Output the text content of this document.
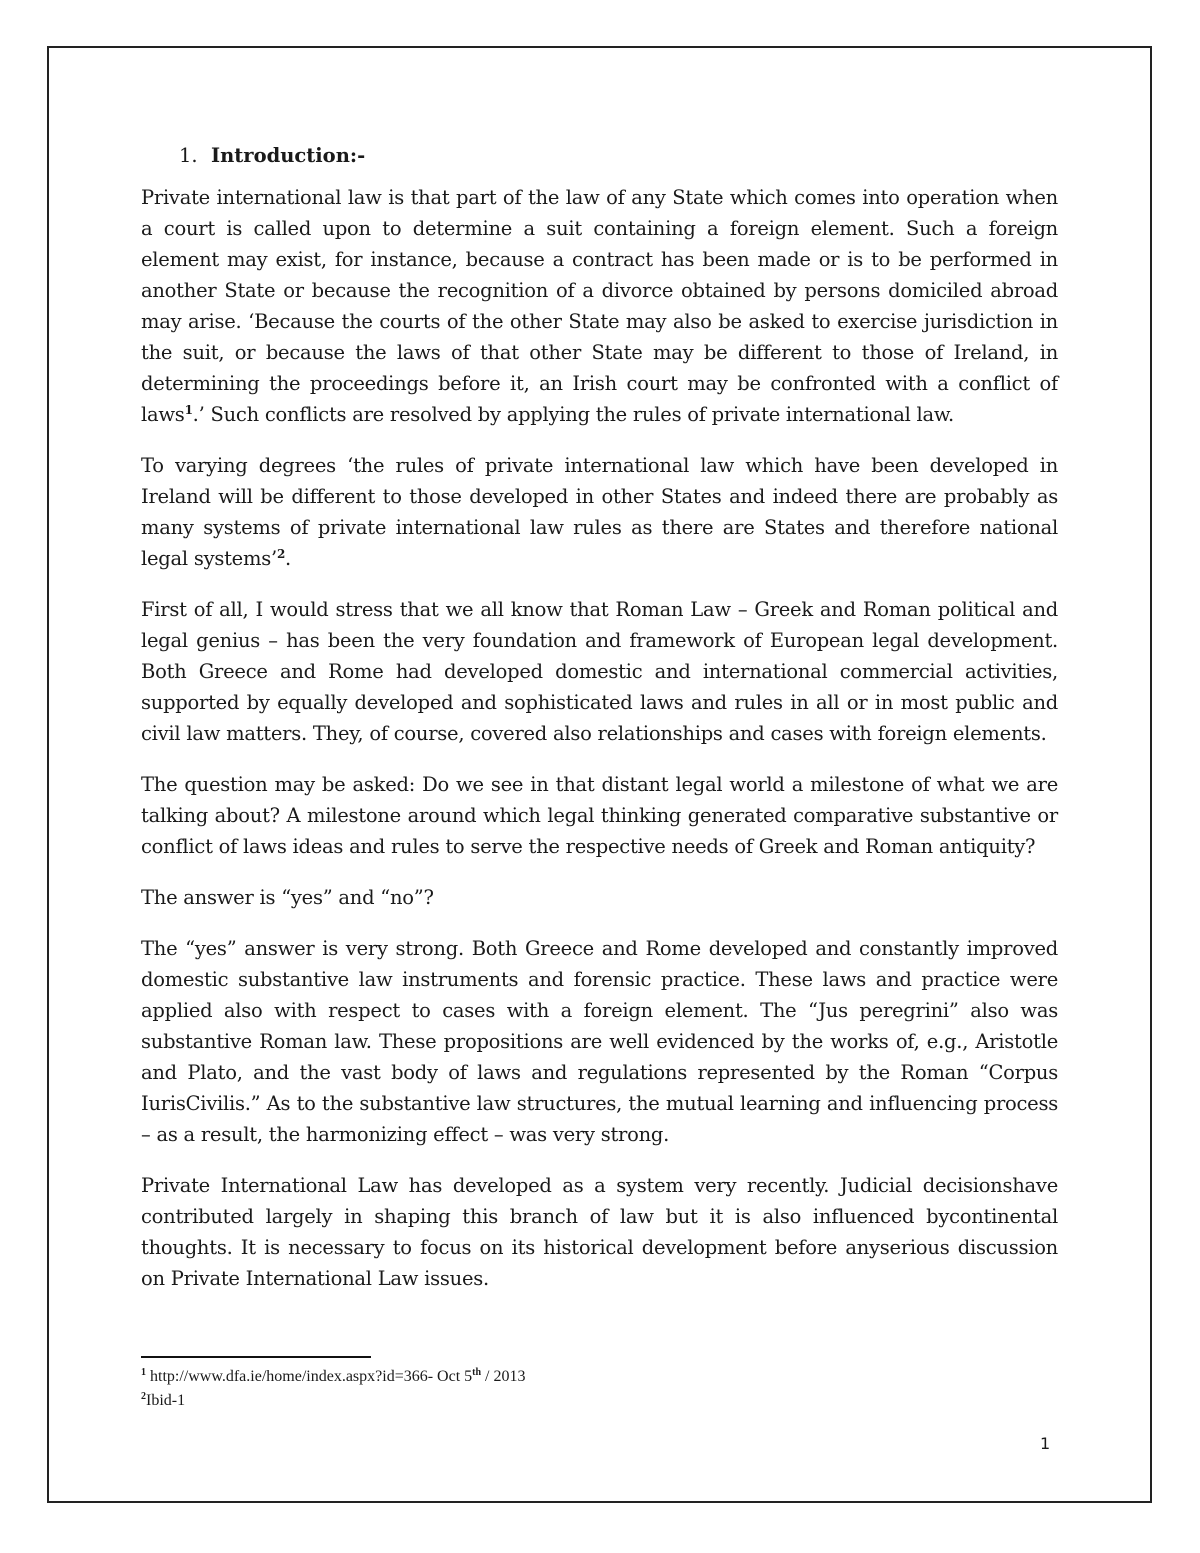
1. Introduction:-

Private international law is that part of the law of any State which comes into operation when a court is called upon to determine a suit containing a foreign element. Such a foreign element may exist, for instance, because a contract has been made or is to be performed in another State or because the recognition of a divorce obtained by persons domiciled abroad may arise. ‘Because the courts of the other State may also be asked to exercise jurisdiction in the suit, or because the laws of that other State may be different to those of Ireland, in determining the proceedings before it, an Irish court may be confronted with a conflict of laws$^1$.’ Such conflicts are resolved by applying the rules of private international law.

To varying degrees ‘the rules of private international law which have been developed in Ireland will be different to those developed in other States and indeed there are probably as many systems of private international law rules as there are States and therefore national legal systems’$^2$.

First of all, I would stress that we all know that Roman Law – Greek and Roman political and legal genius – has been the very foundation and framework of European legal development. Both Greece and Rome had developed domestic and international commercial activities, supported by equally developed and sophisticated laws and rules in all or in most public and civil law matters. They, of course, covered also relationships and cases with foreign elements.

The question may be asked: Do we see in that distant legal world a milestone of what we are talking about? A milestone around which legal thinking generated comparative substantive or conflict of laws ideas and rules to serve the respective needs of Greek and Roman antiquity?

The answer is “yes” and “no”?

The “yes” answer is very strong. Both Greece and Rome developed and constantly improved domestic substantive law instruments and forensic practice. These laws and practice were applied also with respect to cases with a foreign element. The “Jus peregrini” also was substantive Roman law. These propositions are well evidenced by the works of, e.g., Aristotle and Plato, and the vast body of laws and regulations represented by the Roman “Corpus IurisCivilis.” As to the substantive law structures, the mutual learning and influencing process – as a result, the harmonizing effect – was very strong.

Private International Law has developed as a system very recently. Judicial decisionshave contributed largely in shaping this branch of law but it is also influenced bycontinental thoughts. It is necessary to focus on its historical development before anyserious discussion on Private International Law issues.

$^1$ http://www.dfa.ie/home/index.aspx?id=366- Oct 5th / 2013
$^2$Ibid-1
1
